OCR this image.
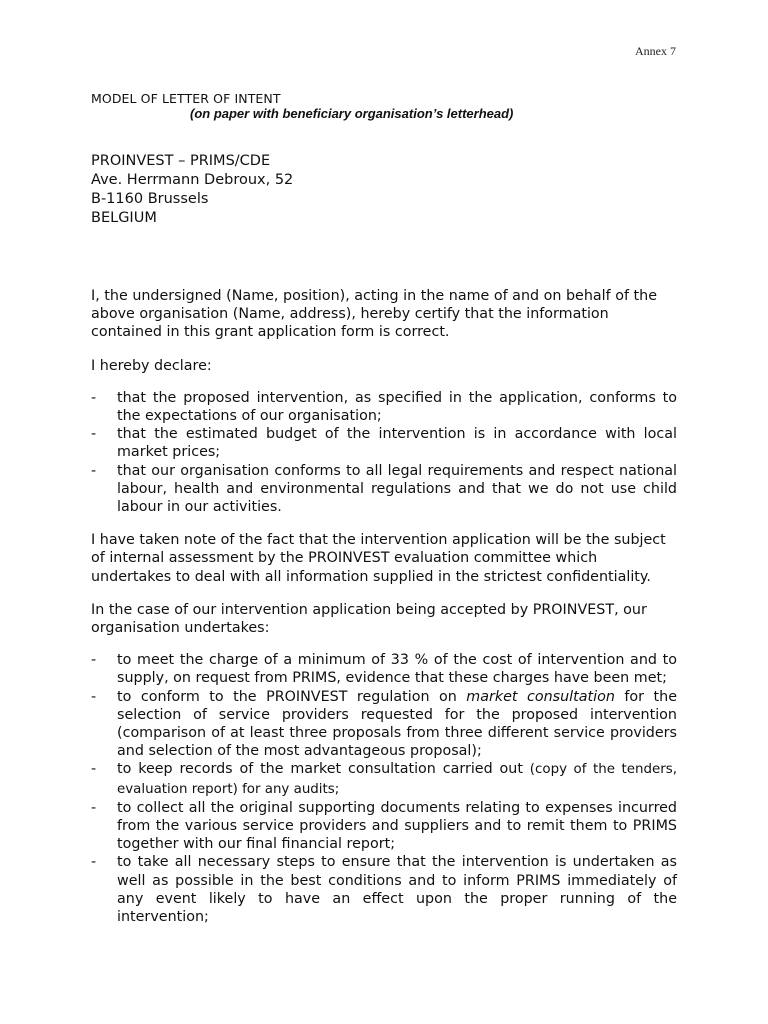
Annex 7
MODEL OF LETTER OF INTENT
(on paper with beneficiary organisation’s letterhead)
PROINVEST – PRIMS/CDE
Ave. Herrmann Debroux, 52
B-1160 Brussels
BELGIUM

I, the undersigned (Name, position), acting in the name of and on behalf of the above organisation (Name, address), hereby certify that the information contained in this grant application form is correct.

I hereby declare:

-	that the proposed intervention, as specified in the application, conforms to the expectations of our organisation;
-	that the estimated budget of the intervention is in accordance with local market prices;
-	that our organisation conforms to all legal requirements and respect national labour, health and environmental regulations and that we do not use child labour in our activities.

I have taken note of the fact that the intervention application will be the subject of internal assessment by the PROINVEST evaluation committee which undertakes to deal with all information supplied in the strictest confidentiality.

In the case of our intervention application being accepted by PROINVEST, our organisation undertakes:

-	to meet the charge of a minimum of 33 % of the cost of intervention and to supply, on request from PRIMS, evidence that these charges have been met;
-	to conform to the PROINVEST regulation on market consultation for the selection of service providers requested for the proposed intervention (comparison of at least three proposals from three different service providers and selection of the most advantageous proposal);
-	to keep records of the market consultation carried out (copy of the tenders, evaluation report) for any audits;
-	to collect all the original supporting documents relating to expenses incurred from the various service providers and suppliers and to remit them to PRIMS together with our final financial report;
-	to take all necessary steps to ensure that the intervention is undertaken as well as possible in the best conditions and to inform PRIMS immediately of any event likely to have an effect upon the proper running of the intervention;
